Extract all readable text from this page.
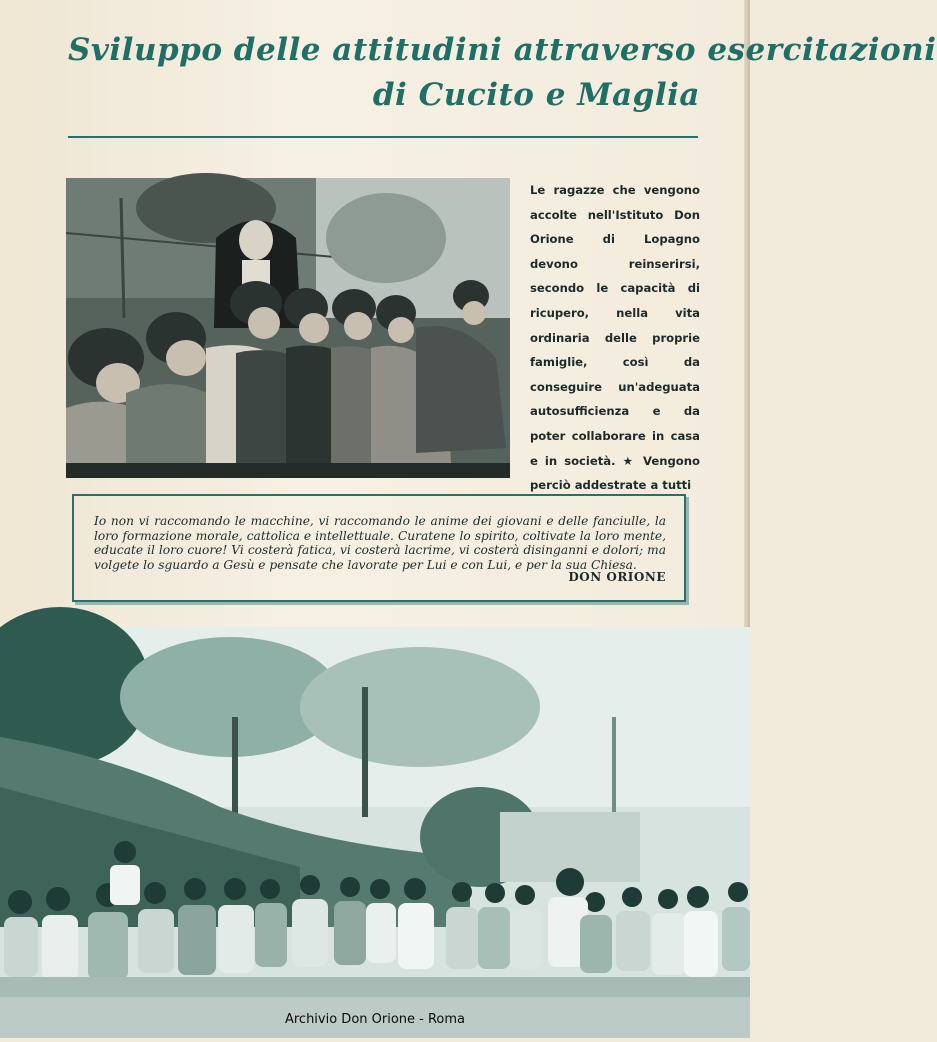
Sviluppo delle attitudini attraverso esercitazioni
di Cucito e Maglia
Le ragazze che vengono accolte nell'Istituto Don Orione di Lopagno devono reinserirsi, secondo le capacità di ricupero, nella vita ordinaria delle proprie famiglie, così da conseguire un'adeguata autosufficienza e da poter collaborare in casa e in società. ★ Vengono perciò addestrate a tutti
Io non vi raccomando le macchine, vi raccomando le anime dei giovani e delle fanciulle, la loro formazione morale, cattolica e intellettuale. Curatene lo spirito, coltivate la loro mente, educate il loro cuore! Vi costerà fatica, vi costerà lacrime, vi costerà disinganni e dolori; ma volgete lo sguardo a Gesù e pensate che lavorate per Lui e con Lui, e per la sua Chiesa.
DON ORIONE
Archivio Don Orione - Roma
